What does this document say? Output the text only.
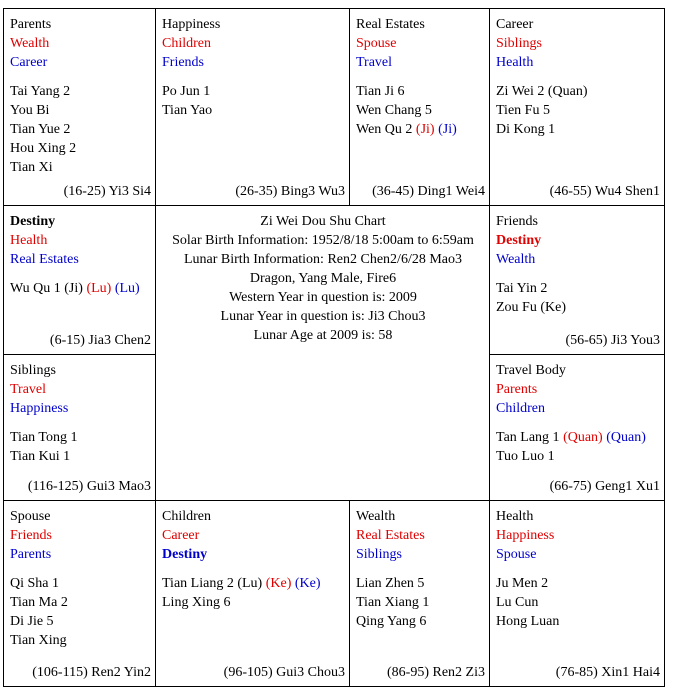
Parents
Wealth
Career
Tai Yang 2
You Bi
Tian Yue 2
Hou Xing 2
Tian Xi
(16-25) Yi3 Si4
Happiness
Children
Friends
Po Jun 1
Tian Yao
(26-35) Bing3 Wu3
Real Estates
Spouse
Travel
Tian Ji 6
Wen Chang 5
Wen Qu 2 (Ji) (Ji)
(36-45) Ding1 Wei4
Career
Siblings
Health
Zi Wei 2 (Quan)
Tien Fu 5
Di Kong 1
(46-55) Wu4 Shen1
Destiny
Health
Real Estates
Wu Qu 1 (Ji) (Lu) (Lu)
(6-15) Jia3 Chen2
Friends
Destiny
Wealth
Tai Yin 2
Zou Fu (Ke)
(56-65) Ji3 You3
Siblings
Travel
Happiness
Tian Tong 1
Tian Kui 1
(116-125) Gui3 Mao3
Travel Body
Parents
Children
Tan Lang 1 (Quan) (Quan)
Tuo Luo 1
(66-75) Geng1 Xu1
Spouse
Friends
Parents
Qi Sha 1
Tian Ma 2
Di Jie 5
Tian Xing
(106-115) Ren2 Yin2
Children
Career
Destiny
Tian Liang 2 (Lu) (Ke) (Ke)
Ling Xing 6
(96-105) Gui3 Chou3
Wealth
Real Estates
Siblings
Lian Zhen 5
Tian Xiang 1
Qing Yang 6
(86-95) Ren2 Zi3
Health
Happiness
Spouse
Ju Men 2
Lu Cun
Hong Luan
(76-85) Xin1 Hai4
Zi Wei Dou Shu Chart
Solar Birth Information: 1952/8/18 5:00am to 6:59am
Lunar Birth Information: Ren2 Chen2/6/28 Mao3
Dragon, Yang Male, Fire6
Western Year in question is: 2009
Lunar Year in question is: Ji3 Chou3
Lunar Age at 2009 is: 58
